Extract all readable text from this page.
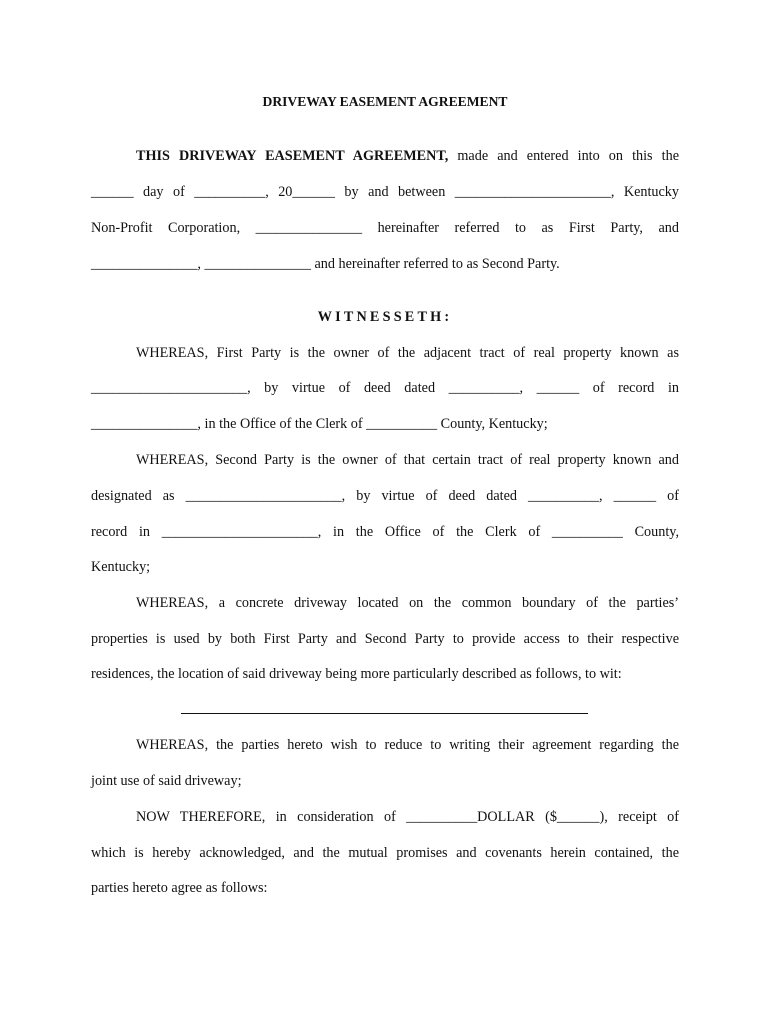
DRIVEWAY EASEMENT AGREEMENT
THIS DRIVEWAY EASEMENT AGREEMENT, made and entered into on this the
______ day of __________, 20______ by and between ______________________, Kentucky
Non-Profit Corporation, _______________ hereinafter referred to as First Party, and
_______________, _______________ and hereinafter referred to as Second Party.
WITNESSETH:
WHEREAS, First Party is the owner of the adjacent tract of real property known as
______________________, by virtue of deed dated __________, ______ of record in
_______________, in the Office of the Clerk of __________ County, Kentucky;
WHEREAS, Second Party is the owner of that certain tract of real property known and
designated as ______________________, by virtue of deed dated __________, ______ of
record in ______________________, in the Office of the Clerk of __________ County,
Kentucky;
WHEREAS, a concrete driveway located on the common boundary of the parties’
properties is used by both First Party and Second Party to provide access to their respective
residences, the location of said driveway being more particularly described as follows, to wit:
WHEREAS, the parties hereto wish to reduce to writing their agreement regarding the
joint use of said driveway;
NOW THEREFORE, in consideration of __________DOLLAR ($______), receipt of
which is hereby acknowledged, and the mutual promises and covenants herein contained, the
parties hereto agree as follows:
